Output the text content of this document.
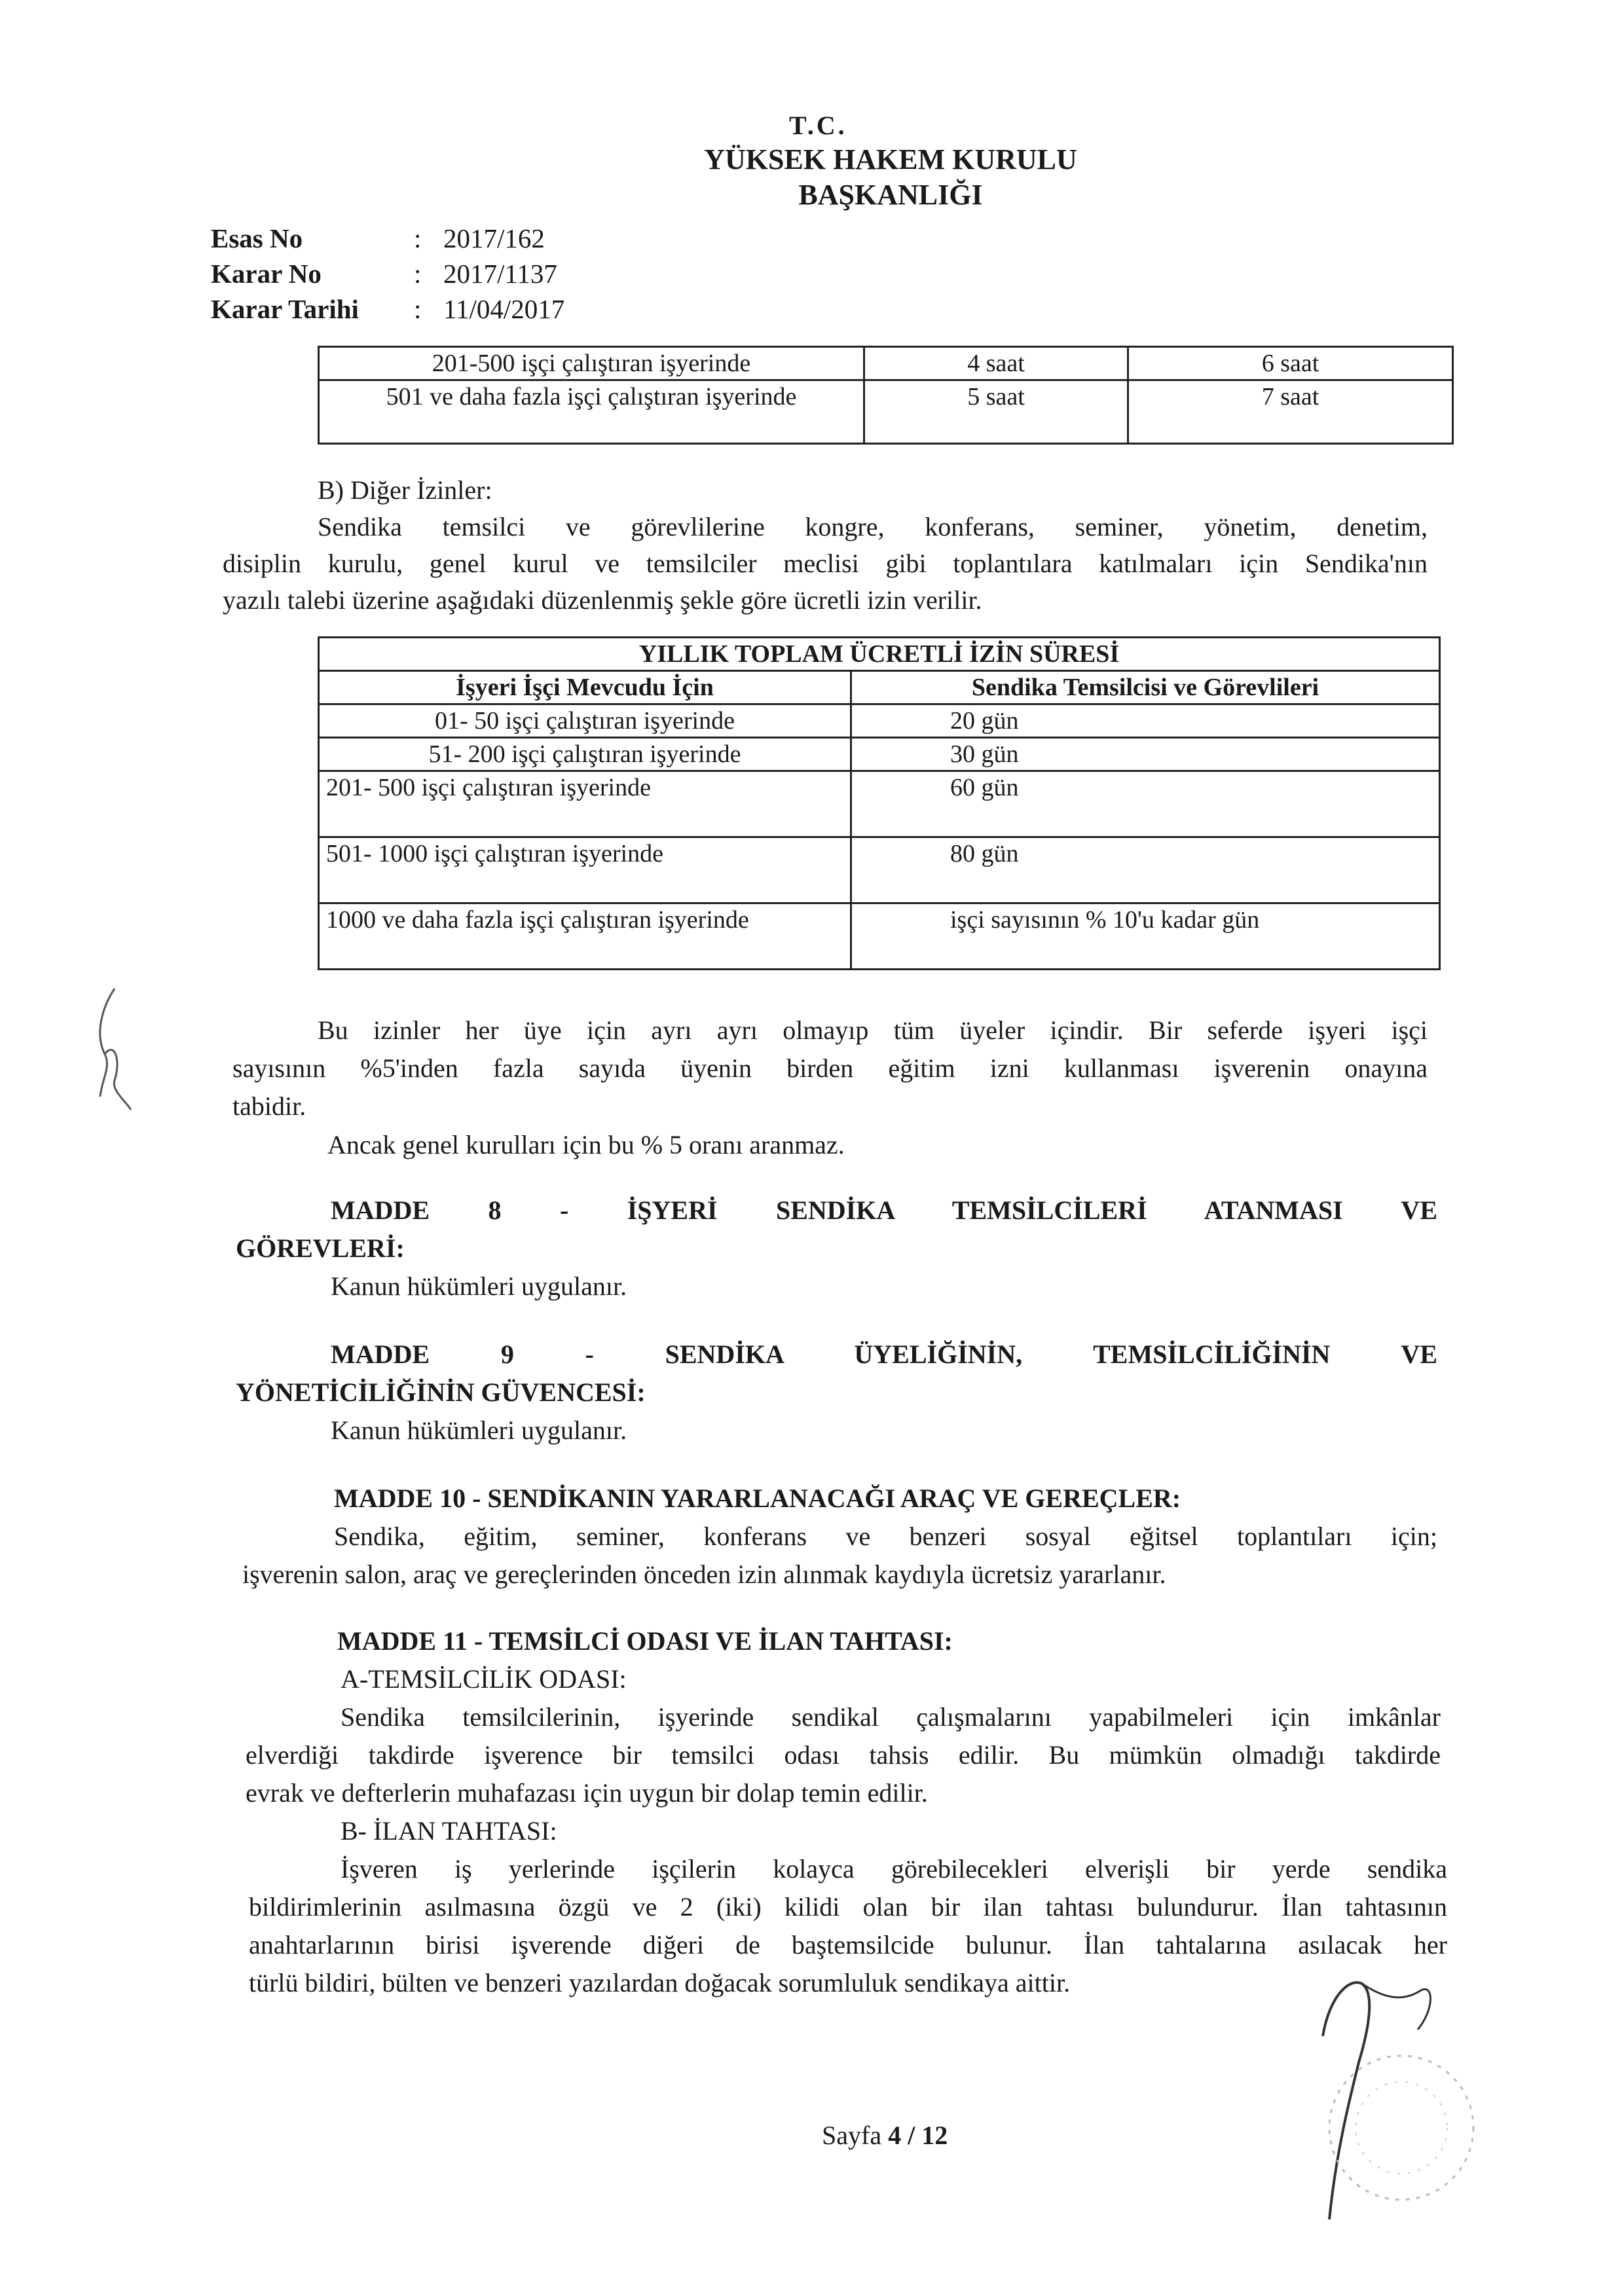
T.C.
YÜKSEK HAKEM KURULU
BAŞKANLIĞI
Esas No	: 2017/162
Karar No	: 2017/1137
Karar Tarihi : 11/04/2017
201-500 işçi çalıştıran işyerinde	4 saat	6 saat
501 ve daha fazla işçi çalıştıran işyerinde	5 saat	7 saat
B) Diğer İzinler:
Sendika temsilci ve görevlilerine kongre, konferans, seminer, yönetim, denetim,
disiplin kurulu, genel kurul ve temsilciler meclisi gibi toplantılara katılmaları için Sendika'nın
yazılı talebi üzerine aşağıdaki düzenlenmiş şekle göre ücretli izin verilir.
YILLIK TOPLAM ÜCRETLİ İZİN SÜRESİ	
İşyeri İşçi Mevcudu İçin	Sendika Temsilcisi ve Görevlileri
01- 50 işçi çalıştıran işyerinde	20 gün
51- 200 işçi çalıştıran işyerinde	30 gün
201- 500 işçi çalıştıran işyerinde	60 gün
501- 1000 işçi çalıştıran işyerinde	80 gün
1000 ve daha fazla işçi çalıştıran işyerinde	işçi sayısının % 10'u kadar gün
Bu izinler her üye için ayrı ayrı olmayıp tüm üyeler içindir. Bir seferde işyeri işçi
sayısının %5'inden fazla sayıda üyenin birden eğitim izni kullanması işverenin onayına
tabidir.
Ancak genel kurulları için bu % 5 oranı aranmaz.
MADDE 8 - İŞYERİ SENDİKA TEMSİLCİLERİ ATANMASI VE
GÖREVLERİ:
Kanun hükümleri uygulanır.
MADDE 9 - SENDİKA ÜYELİĞİNİN, TEMSİLCİLİĞİNİN VE
YÖNETİCİLİĞİNİN GÜVENCESİ:
Kanun hükümleri uygulanır.
MADDE 10 - SENDİKANIN YARARLANACAĞI ARAÇ VE GEREÇLER:
Sendika, eğitim, seminer, konferans ve benzeri sosyal eğitsel toplantıları için;
işverenin salon, araç ve gereçlerinden önceden izin alınmak kaydıyla ücretsiz yararlanır.
MADDE 11 - TEMSİLCİ ODASI VE İLAN TAHTASI:
A-TEMSİLCİLİK ODASI:
Sendika temsilcilerinin, işyerinde sendikal çalışmalarını yapabilmeleri için imkânlar
elverdiği takdirde işverence bir temsilci odası tahsis edilir. Bu mümkün olmadığı takdirde
evrak ve defterlerin muhafazası için uygun bir dolap temin edilir.
B- İLAN TAHTASI:
İşveren iş yerlerinde işçilerin kolayca görebilecekleri elverişli bir yerde sendika
bildirimlerinin asılmasına özgü ve 2 (iki) kilidi olan bir ilan tahtası bulundurur. İlan tahtasının
anahtarlarının birisi işverende diğeri de baştemsilcide bulunur. İlan tahtalarına asılacak her
türlü bildiri, bülten ve benzeri yazılardan doğacak sorumluluk sendikaya aittir.
Sayfa 4 / 12
